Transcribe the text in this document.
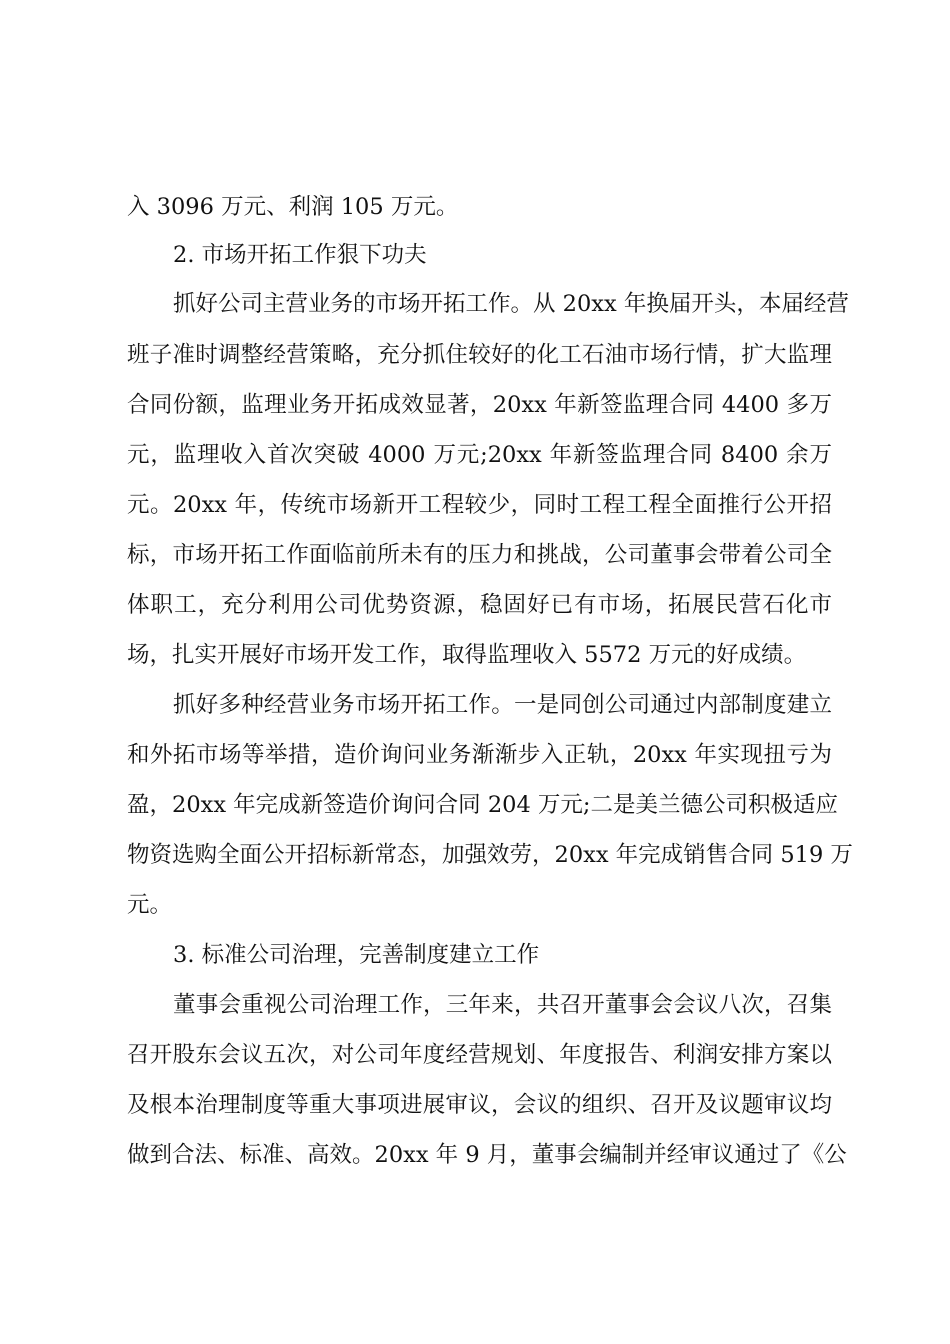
入 3096 万元、利润 105 万元。
2. 市场开拓工作狠下功夫
抓好公司主营业务的市场开拓工作。从 20xx 年换届开头，本届经营
班子准时调整经营策略，充分抓住较好的化工石油市场行情，扩大监理
合同份额，监理业务开拓成效显著，20xx 年新签监理合同 4400 多万
元，监理收入首次突破 4000 万元;20xx 年新签监理合同 8400 余万
元。20xx 年，传统市场新开工程较少，同时工程工程全面推行公开招
标，市场开拓工作面临前所未有的压力和挑战，公司董事会带着公司全
体职工，充分利用公司优势资源，稳固好已有市场，拓展民营石化市
场，扎实开展好市场开发工作，取得监理收入 5572 万元的好成绩。
抓好多种经营业务市场开拓工作。一是同创公司通过内部制度建立
和外拓市场等举措，造价询问业务渐渐步入正轨，20xx 年实现扭亏为
盈，20xx 年完成新签造价询问合同 204 万元;二是美兰德公司积极适应
物资选购全面公开招标新常态，加强效劳，20xx 年完成销售合同 519 万
元。
3. 标准公司治理，完善制度建立工作
董事会重视公司治理工作，三年来，共召开董事会会议八次，召集
召开股东会议五次，对公司年度经营规划、年度报告、利润安排方案以
及根本治理制度等重大事项进展审议，会议的组织、召开及议题审议均
做到合法、标准、高效。20xx 年 9 月，董事会编制并经审议通过了《公
